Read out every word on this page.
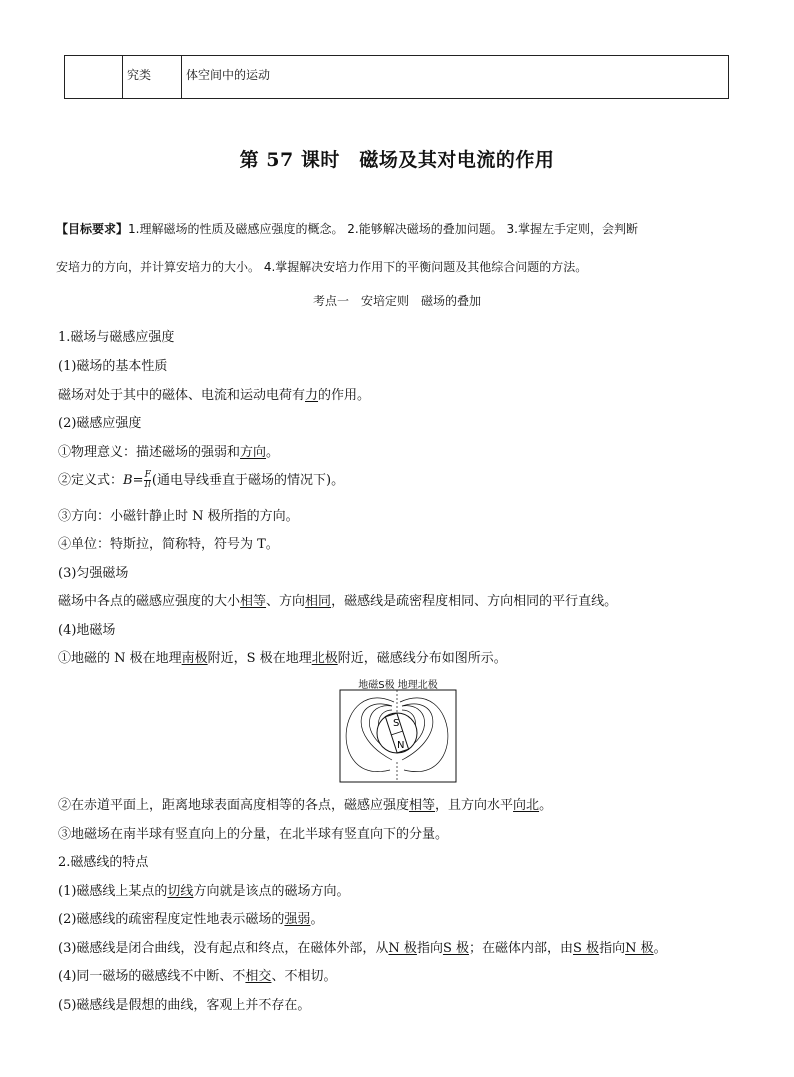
究类	体空间中的运动
第 57 课时　磁场及其对电流的作用
【目标要求】1.理解磁场的性质及磁感应强度的概念。 2.能够解决磁场的叠加问题。 3.掌握左手定则，会判断
安培力的方向，并计算安培力的大小。 4.掌握解决安培力作用下的平衡问题及其他综合问题的方法。
考点一　安培定则　磁场的叠加
1.磁场与磁感应强度
(1)磁场的基本性质
磁场对处于其中的磁体、电流和运动电荷有力的作用。
(2)磁感应强度
①物理意义：描述磁场的强弱和方向。
②定义式：$B= \frac{F}{Il}$ (通电导线垂直于磁场的情况下)。
③方向：小磁针静止时 N 极所指的方向。
④单位：特斯拉，简称特，符号为 T。
(3)匀强磁场
磁场中各点的磁感应强度的大小相等、方向相同，磁感线是疏密程度相同、方向相同的平行直线。
(4)地磁场
①地磁的 N 极在地理南极附近，S 极在地理北极附近，磁感线分布如图所示。
地磁S极 地理北极
S
N
②在赤道平面上，距离地球表面高度相等的各点，磁感应强度相等，且方向水平向北。
③地磁场在南半球有竖直向上的分量，在北半球有竖直向下的分量。
2.磁感线的特点
(1)磁感线上某点的切线方向就是该点的磁场方向。
(2)磁感线的疏密程度定性地表示磁场的强弱。
(3)磁感线是闭合曲线，没有起点和终点，在磁体外部，从N 极指向S 极；在磁体内部，由S 极指向N 极。
(4)同一磁场的磁感线不中断、不相交、不相切。
(5)磁感线是假想的曲线，客观上并不存在。
